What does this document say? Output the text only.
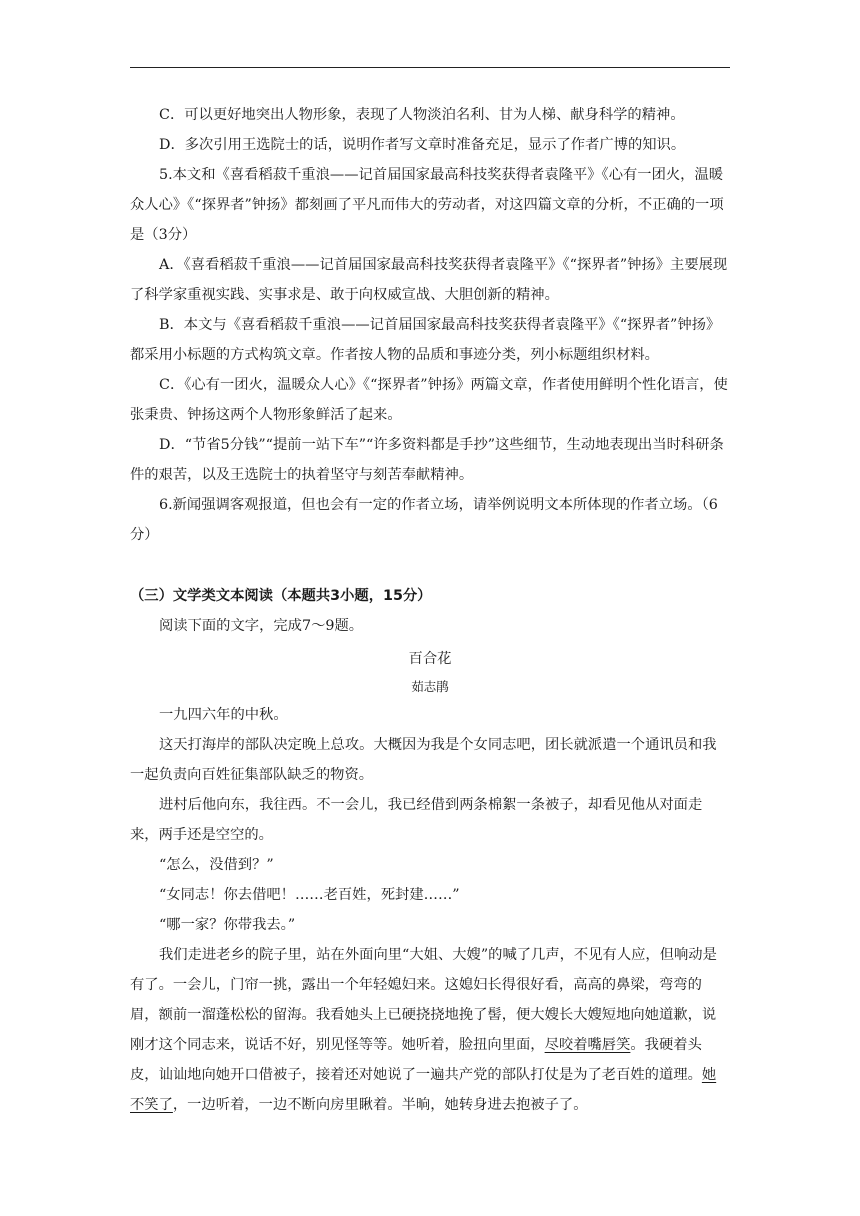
C．可以更好地突出人物形象，表现了人物淡泊名利、甘为人梯、献身科学的精神。

D．多次引用王选院士的话，说明作者写文章时准备充足，显示了作者广博的知识。

5.本文和《喜看稻菽千重浪——记首届国家最高科技奖获得者袁隆平》《心有一团火，温暖众人心》《“探界者”钟扬》都刻画了平凡而伟大的劳动者，对这四篇文章的分析，不正确的一项是（3分）

A．《喜看稻菽千重浪——记首届国家最高科技奖获得者袁隆平》《“探界者”钟扬》主要展现了科学家重视实践、实事求是、敢于向权威宣战、大胆创新的精神。

B．本文与《喜看稻菽千重浪——记首届国家最高科技奖获得者袁隆平》《“探界者”钟扬》都采用小标题的方式构筑文章。作者按人物的品质和事迹分类，列小标题组织材料。

C．《心有一团火，温暖众人心》《“探界者”钟扬》两篇文章，作者使用鲜明个性化语言，使张秉贵、钟扬这两个人物形象鲜活了起来。

D．“节省5分钱”“提前一站下车”“许多资料都是手抄”这些细节，生动地表现出当时科研条件的艰苦，以及王选院士的执着坚守与刻苦奉献精神。

6.新闻强调客观报道，但也会有一定的作者立场，请举例说明文本所体现的作者立场。（6分）

（三）文学类文本阅读（本题共3小题，15分）

阅读下面的文字，完成7～9题。

百合花

茹志鹃

一九四六年的中秋。

这天打海岸的部队决定晚上总攻。大概因为我是个女同志吧，团长就派遣一个通讯员和我一起负责向百姓征集部队缺乏的物资。

进村后他向东，我往西。不一会儿，我已经借到两条棉絮一条被子，却看见他从对面走来，两手还是空空的。

“怎么，没借到？”

“女同志！你去借吧！……老百姓，死封建……”

“哪一家？你带我去。”

我们走进老乡的院子里，站在外面向里“大姐、大嫂”的喊了几声，不见有人应，但响动是有了。一会儿，门帘一挑，露出一个年轻媳妇来。这媳妇长得很好看，高高的鼻梁，弯弯的眉，额前一溜蓬松松的留海。我看她头上已硬挠挠地挽了髻，便大嫂长大嫂短地向她道歉，说刚才这个同志来，说话不好，别见怪等等。她听着，脸扭向里面，尽咬着嘴唇笑。我硬着头皮，讪讪地向她开口借被子，接着还对她说了一遍共产党的部队打仗是为了老百姓的道理。她不笑了，一边听着，一边不断向房里瞅着。半晌，她转身进去抱被子了。
